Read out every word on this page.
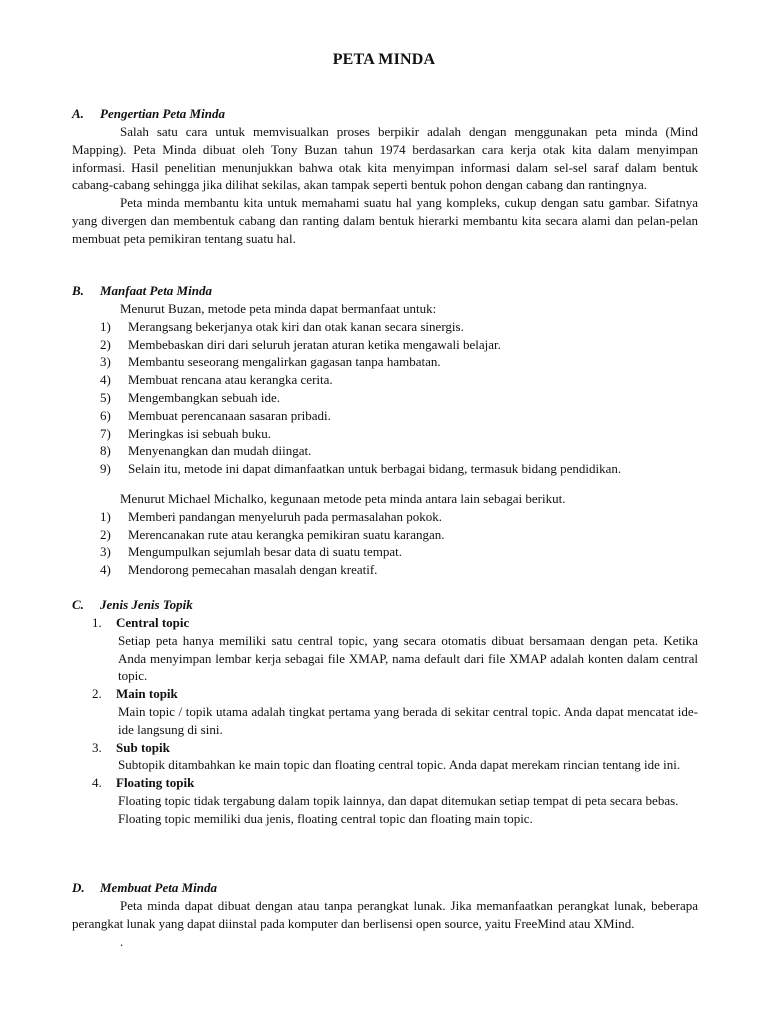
PETA MINDA
A. Pengertian Peta Minda
Salah satu cara untuk memvisualkan proses berpikir adalah dengan menggunakan peta minda (Mind Mapping). Peta Minda dibuat oleh Tony Buzan tahun 1974 berdasarkan cara kerja otak kita dalam menyimpan informasi. Hasil penelitian menunjukkan bahwa otak kita menyimpan informasi dalam sel-sel saraf dalam bentuk cabang-cabang sehingga jika dilihat sekilas, akan tampak seperti bentuk pohon dengan cabang dan rantingnya.
Peta minda membantu kita untuk memahami suatu hal yang kompleks, cukup dengan satu gambar. Sifatnya yang divergen dan membentuk cabang dan ranting dalam bentuk hierarki membantu kita secara alami dan pelan-pelan membuat peta pemikiran tentang suatu hal.
B. Manfaat Peta Minda
Menurut Buzan, metode peta minda dapat bermanfaat untuk:
1) Merangsang bekerjanya otak kiri dan otak kanan secara sinergis.
2) Membebaskan diri dari seluruh jeratan aturan ketika mengawali belajar.
3) Membantu seseorang mengalirkan gagasan tanpa hambatan.
4) Membuat rencana atau kerangka cerita.
5) Mengembangkan sebuah ide.
6) Membuat perencanaan sasaran pribadi.
7) Meringkas isi sebuah buku.
8) Menyenangkan dan mudah diingat.
9) Selain itu, metode ini dapat dimanfaatkan untuk berbagai bidang, termasuk bidang pendidikan.
Menurut Michael Michalko, kegunaan metode peta minda antara lain sebagai berikut.
1) Memberi pandangan menyeluruh pada permasalahan pokok.
2) Merencanakan rute atau kerangka pemikiran suatu karangan.
3) Mengumpulkan sejumlah besar data di suatu tempat.
4) Mendorong pemecahan masalah dengan kreatif.
C. Jenis Jenis Topik
1. Central topic
Setiap peta hanya memiliki satu central topic, yang secara otomatis dibuat bersamaan dengan peta. Ketika Anda menyimpan lembar kerja sebagai file XMAP, nama default dari file XMAP adalah konten dalam central topic.
2. Main topik
Main topic / topik utama adalah tingkat pertama yang berada di sekitar central topic. Anda dapat mencatat ide-ide langsung di sini.
3. Sub topik
Subtopik ditambahkan ke main topic dan floating central topic. Anda dapat merekam rincian tentang ide ini.
4. Floating topik
Floating topic tidak tergabung dalam topik lainnya, dan dapat ditemukan setiap tempat di peta secara bebas.
Floating topic memiliki dua jenis, floating central topic dan floating main topic.
D. Membuat Peta Minda
Peta minda dapat dibuat dengan atau tanpa perangkat lunak. Jika memanfaatkan perangkat lunak, beberapa perangkat lunak yang dapat diinstal pada komputer dan berlisensi open source, yaitu FreeMind atau XMind.
.
